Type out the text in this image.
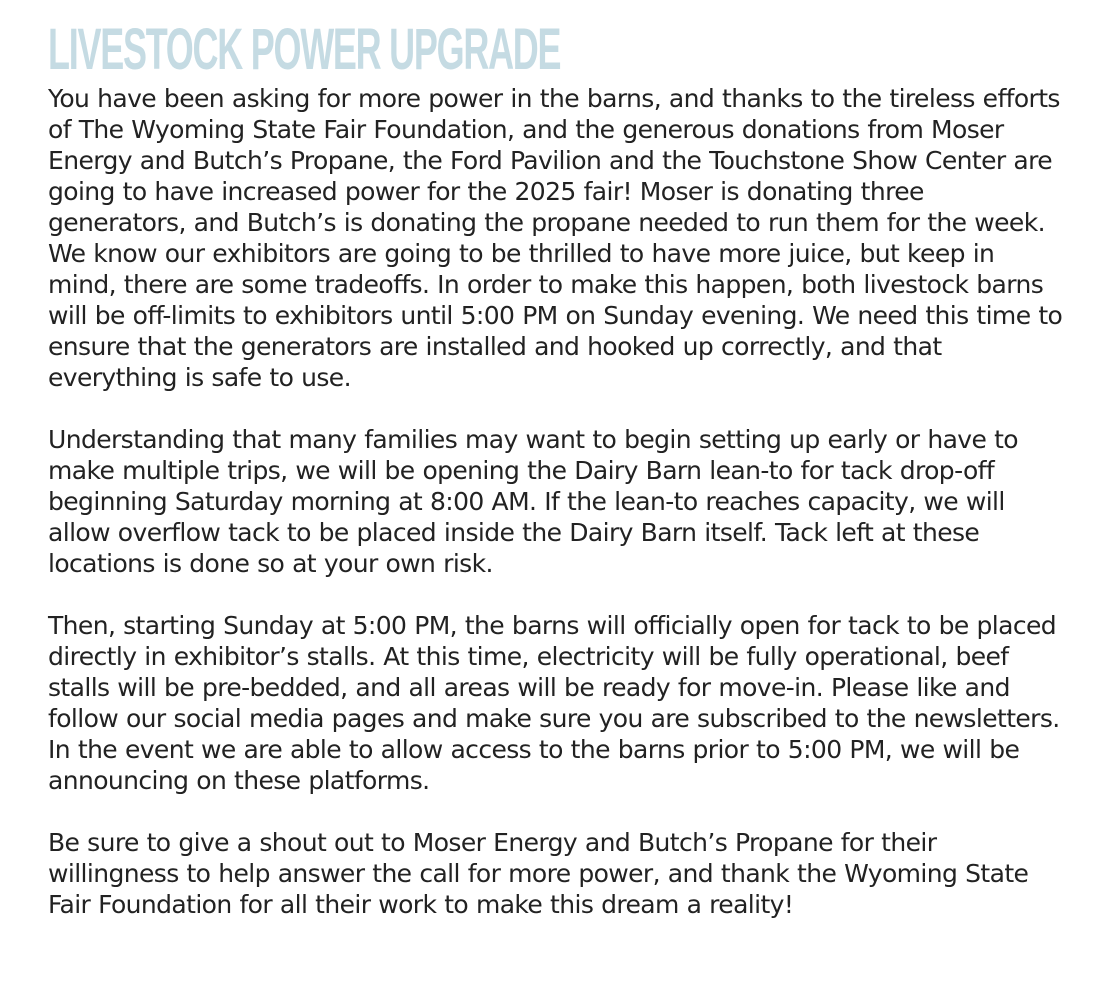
LIVESTOCK POWER UPGRADE

You have been asking for more power in the barns, and thanks to the tireless efforts of The Wyoming State Fair Foundation, and the generous donations from Moser Energy and Butch’s Propane, the Ford Pavilion and the Touchstone Show Center are going to have increased power for the 2025 fair! Moser is donating three generators, and Butch’s is donating the propane needed to run them for the week. We know our exhibitors are going to be thrilled to have more juice, but keep in mind, there are some tradeoffs. In order to make this happen, both livestock barns will be off-limits to exhibitors until 5:00 PM on Sunday evening. We need this time to ensure that the generators are installed and hooked up correctly, and that everything is safe to use.

Understanding that many families may want to begin setting up early or have to make multiple trips, we will be opening the Dairy Barn lean-to for tack drop-off beginning Saturday morning at 8:00 AM. If the lean-to reaches capacity, we will allow overflow tack to be placed inside the Dairy Barn itself. Tack left at these locations is done so at your own risk.

Then, starting Sunday at 5:00 PM, the barns will officially open for tack to be placed directly in exhibitor’s stalls. At this time, electricity will be fully operational, beef stalls will be pre-bedded, and all areas will be ready for move-in. Please like and follow our social media pages and make sure you are subscribed to the newsletters. In the event we are able to allow access to the barns prior to 5:00 PM, we will be announcing on these platforms.

Be sure to give a shout out to Moser Energy and Butch’s Propane for their willingness to help answer the call for more power, and thank the Wyoming State Fair Foundation for all their work to make this dream a reality!
